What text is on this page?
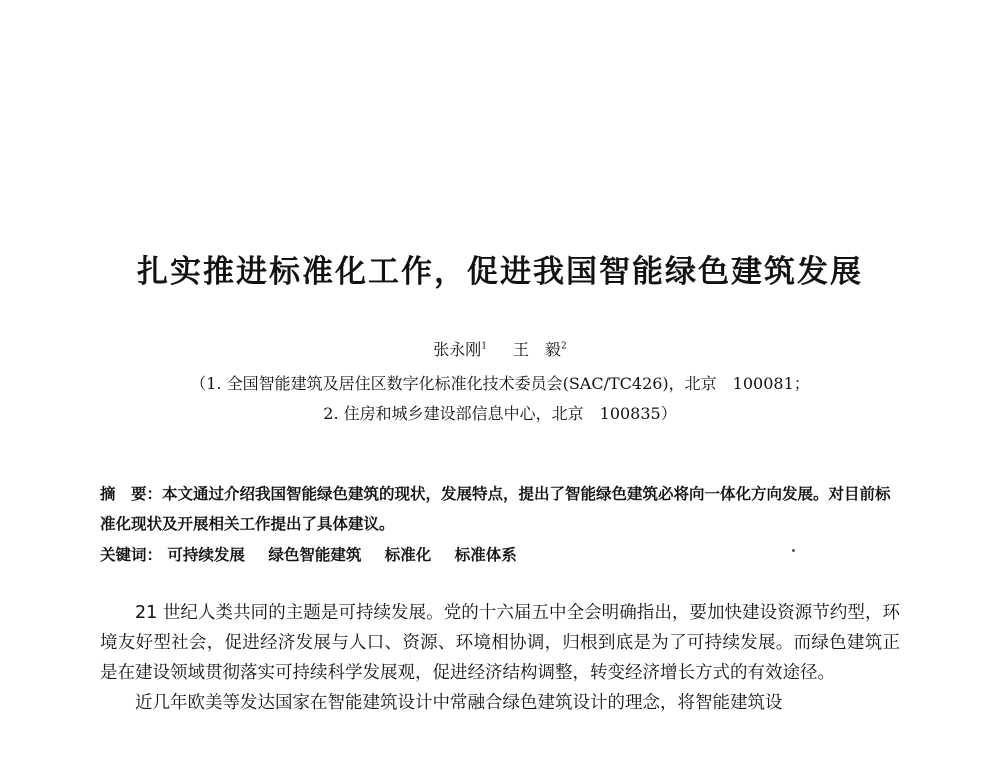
扎实推进标准化工作，促进我国智能绿色建筑发展
张永刚$^1$ 王　毅$^2$
（1. 全国智能建筑及居住区数字化标准化技术委员会(SAC/TC426)，北京　100081；
2. 住房和城乡建设部信息中心，北京　100835）
摘　要：本文通过介绍我国智能绿色建筑的现状，发展特点，提出了智能绿色建筑必将向一体化方向发展。对目前标准化现状及开展相关工作提出了具体建议。
关键词： 可持续发展 绿色智能建筑 标准化 标准体系

21 世纪人类共同的主题是可持续发展。党的十六届五中全会明确指出，要加快建设资源节约型，环境友好型社会，促进经济发展与人口、资源、环境相协调，归根到底是为了可持续发展。而绿色建筑正是在建设领域贯彻落实可持续科学发展观，促进经济结构调整，转变经济增长方式的有效途径。

近几年欧美等发达国家在智能建筑设计中常融合绿色建筑设计的理念，将智能建筑设
